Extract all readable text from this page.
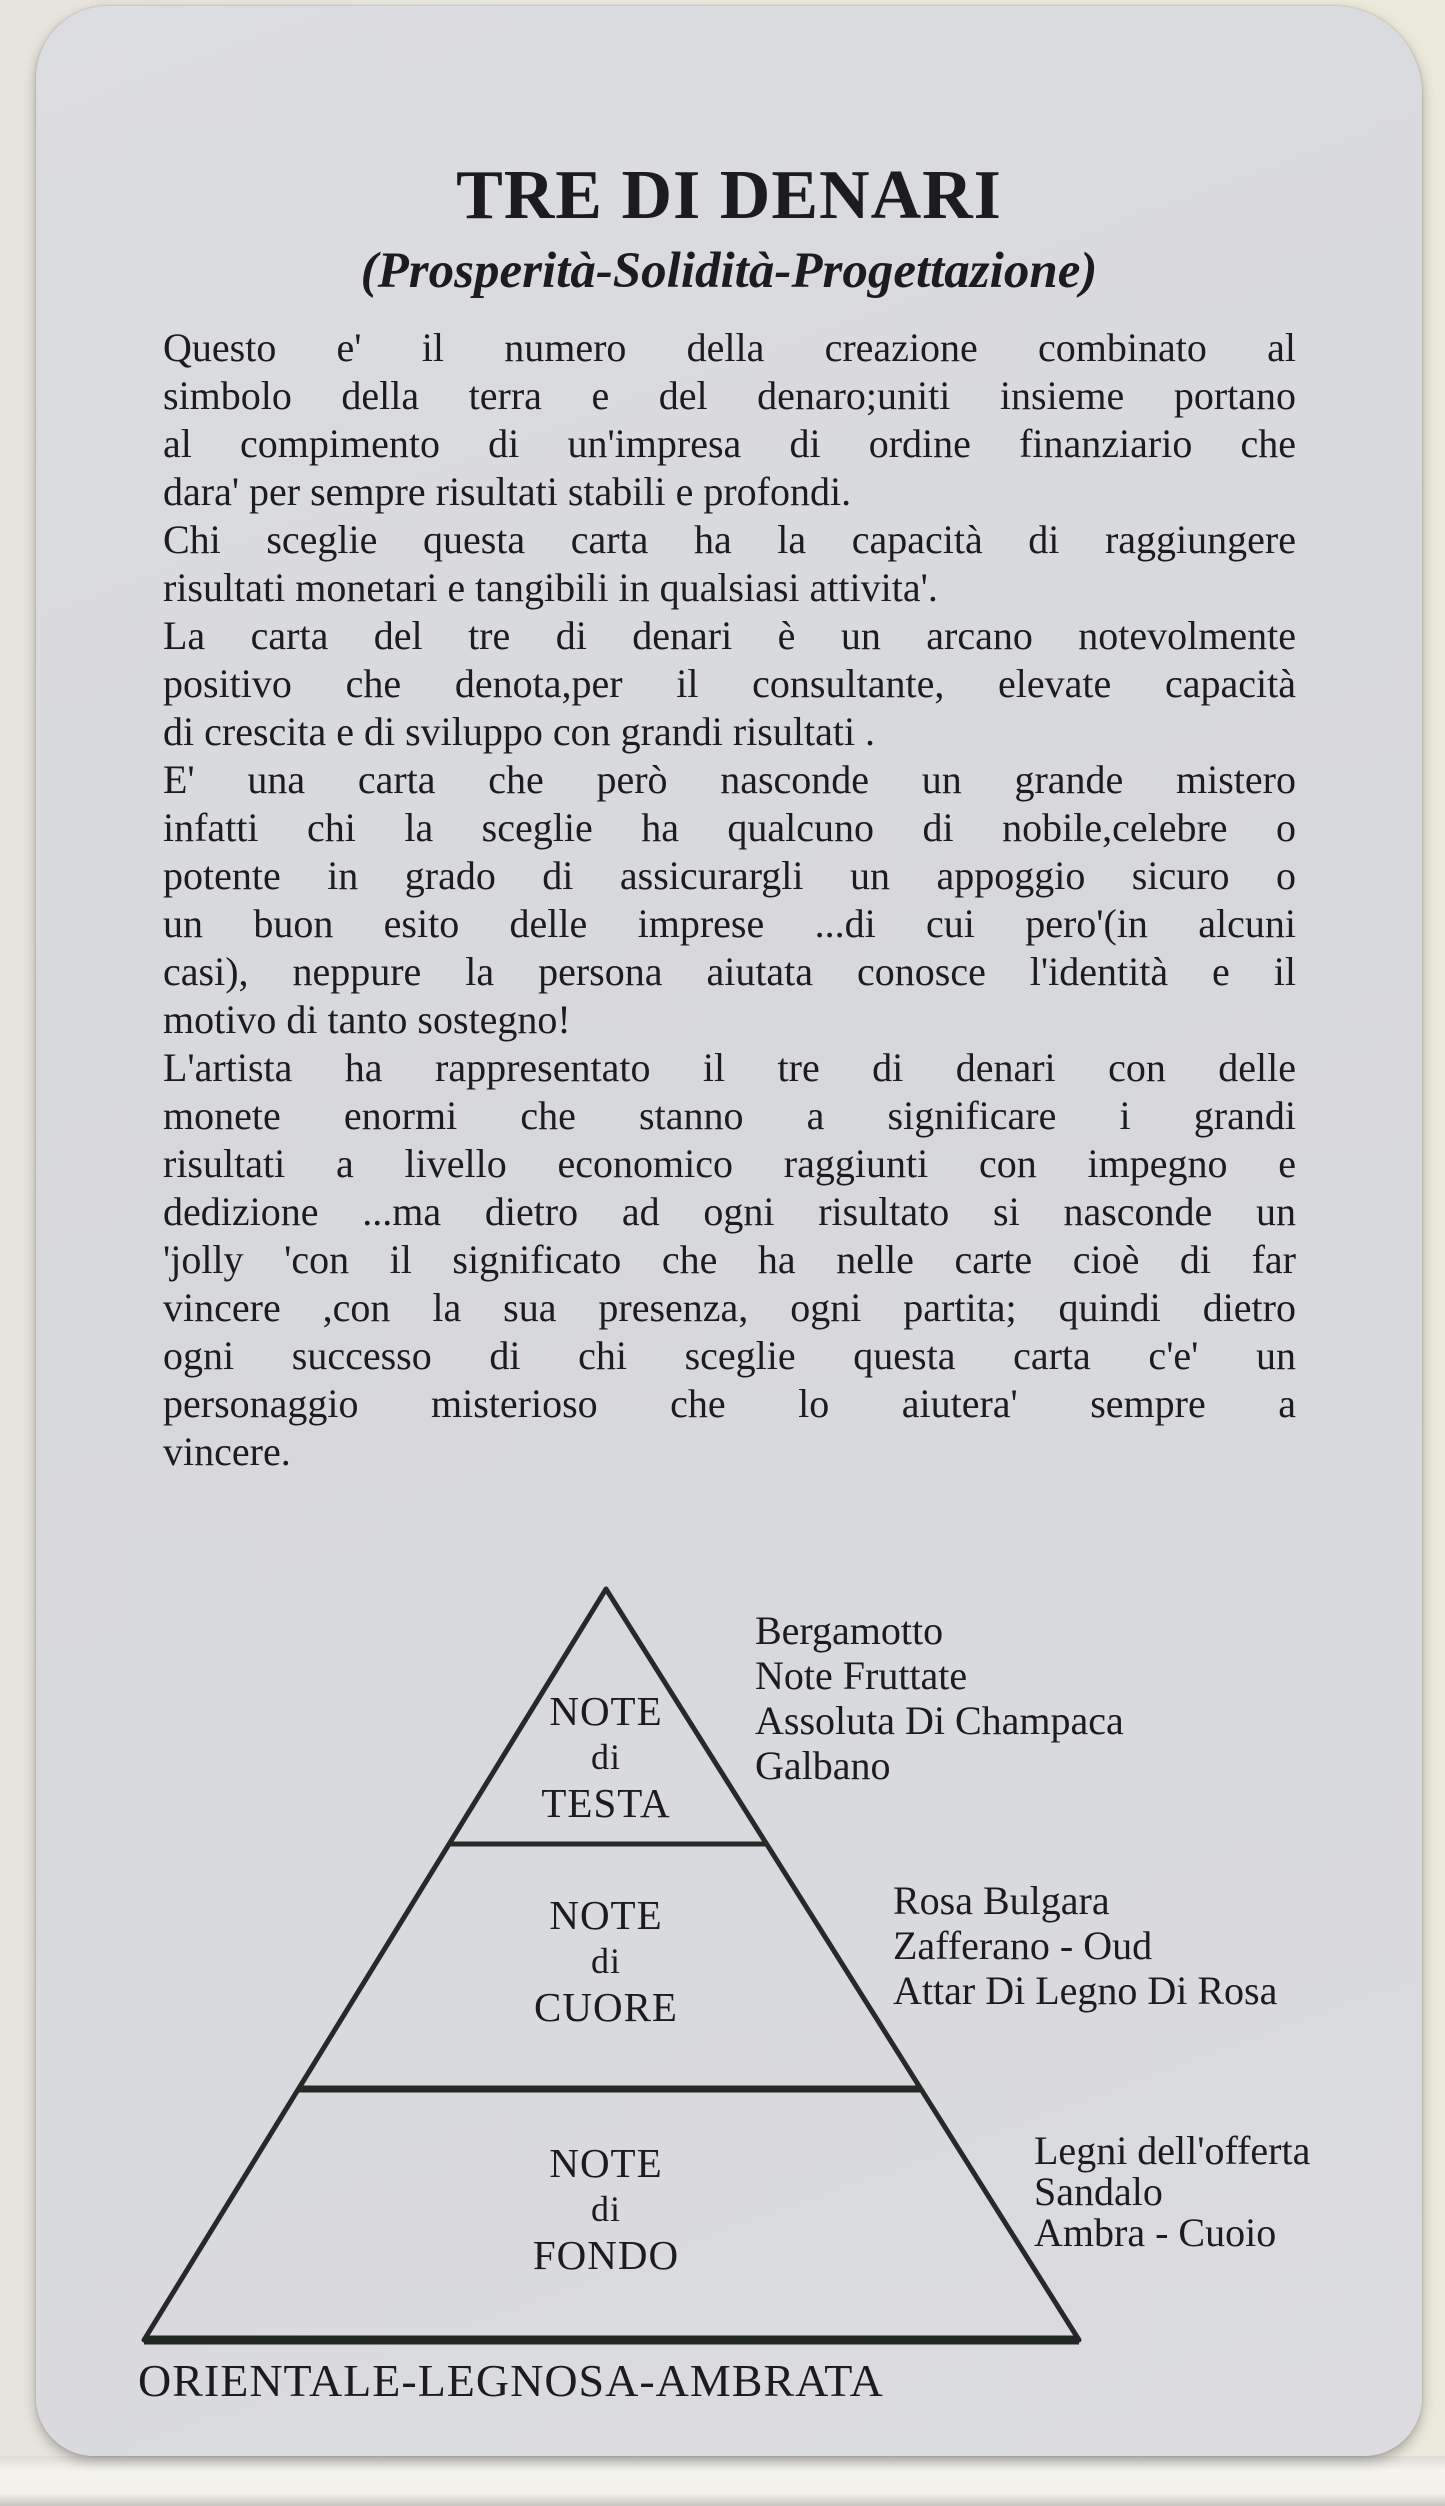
TRE DI DENARI
(Prosperità-Solidità-Progettazione)
Questo e' il numero della creazione combinato al
simbolo della terra e del denaro;uniti insieme portano
al compimento di un'impresa di ordine finanziario che
dara' per sempre risultati stabili e profondi.
Chi sceglie questa carta ha la capacità di raggiungere
risultati monetari e tangibili in qualsiasi attivita'.
La carta del tre di denari è un arcano notevolmente
positivo che denota,per il consultante, elevate capacità
di crescita e di sviluppo con grandi risultati .
E' una carta che però nasconde un grande mistero
infatti chi la sceglie ha qualcuno di nobile,celebre o
potente in grado di assicurargli un appoggio sicuro o
un buon esito delle imprese ...di cui pero'(in alcuni
casi), neppure la persona aiutata conosce l'identità e il
motivo di tanto sostegno!
L'artista ha rappresentato il tre di denari con delle
monete enormi che stanno a significare i grandi
risultati a livello economico raggiunti con impegno e
dedizione ...ma dietro ad ogni risultato si nasconde un
'jolly 'con il significato che ha nelle carte cioè di far
vincere ,con la sua presenza, ogni partita; quindi dietro
ogni successo di chi sceglie questa carta c'e' un
personaggio misterioso che lo aiutera' sempre a
vincere.
NOTE
di
TESTA
NOTE
di
CUORE
NOTE
di
FONDO
Bergamotto
Note Fruttate
Assoluta Di Champaca
Galbano
Rosa Bulgara
Zafferano - Oud
Attar Di Legno Di Rosa
Legni dell'offerta
Sandalo
Ambra - Cuoio
ORIENTALE-LEGNOSA-AMBRATA
